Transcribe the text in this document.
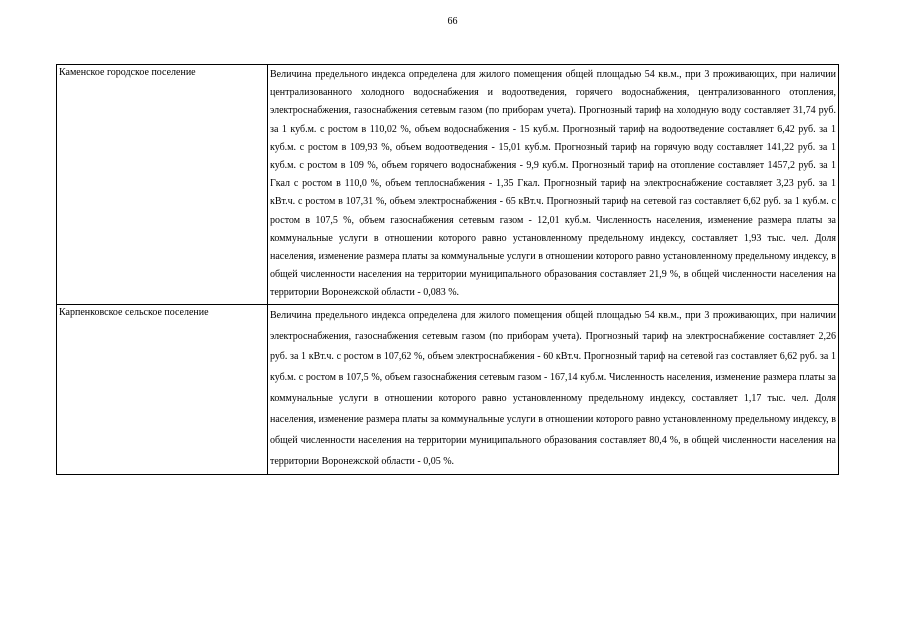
66
Каменское городское поселение	Величина предельного индекса определена для жилого помещения общей площадью 54 кв.м., при 3 проживающих, при наличии централизованного холодного водоснабжения и водоотведения, горячего водоснабжения, централизованного отопления, электроснабжения, газоснабжения сетевым газом (по приборам учета). Прогнозный тариф на холодную воду составляет 31,74 руб. за 1 куб.м. с ростом в 110,02 %, объем водоснабжения - 15 куб.м. Прогнозный тариф на водоотведение составляет 6,42 руб. за 1 куб.м. с ростом в 109,93 %, объем водоотведения - 15,01 куб.м. Прогнозный тариф на горячую воду составляет 141,22 руб. за 1 куб.м. с ростом в 109 %, объем горячего водоснабжения - 9,9 куб.м. Прогнозный тариф на отопление составляет 1457,2 руб. за 1 Гкал с ростом в 110,0 %, объем теплоснабжения - 1,35 Гкал. Прогнозный тариф на электроснабжение составляет 3,23 руб. за 1 кВт.ч. с ростом в 107,31 %, объем электроснабжения - 65 кВт.ч. Прогнозный тариф на сетевой газ составляет 6,62 руб. за 1 куб.м. с ростом в 107,5 %, объем газоснабжения сетевым газом - 12,01 куб.м. Численность населения, изменение размера платы за коммунальные услуги в отношении которого равно установленному предельному индексу, составляет 1,93 тыс. чел. Доля населения, изменение размера платы за коммунальные услуги в отношении которого равно установленному предельному индексу, в общей численности населения на территории муниципального образования составляет 21,9 %, в общей численности населения на территории Воронежской области - 0,083 %.
Карпенковское сельское поселение	Величина предельного индекса определена для жилого помещения общей площадью 54 кв.м., при 3 проживающих, при наличии электроснабжения, газоснабжения сетевым газом (по приборам учета). Прогнозный тариф на электроснабжение составляет 2,26 руб. за 1 кВт.ч. с ростом в 107,62 %, объем электроснабжения - 60 кВт.ч. Прогнозный тариф на сетевой газ составляет 6,62 руб. за 1 куб.м. с ростом в 107,5 %, объем газоснабжения сетевым газом - 167,14 куб.м. Численность населения, изменение размера платы за коммунальные услуги в отношении которого равно установленному предельному индексу, составляет 1,17 тыс. чел. Доля населения, изменение размера платы за коммунальные услуги в отношении которого равно установленному предельному индексу, в общей численности населения на территории муниципального образования составляет 80,4 %, в общей численности населения на территории Воронежской области - 0,05 %.
